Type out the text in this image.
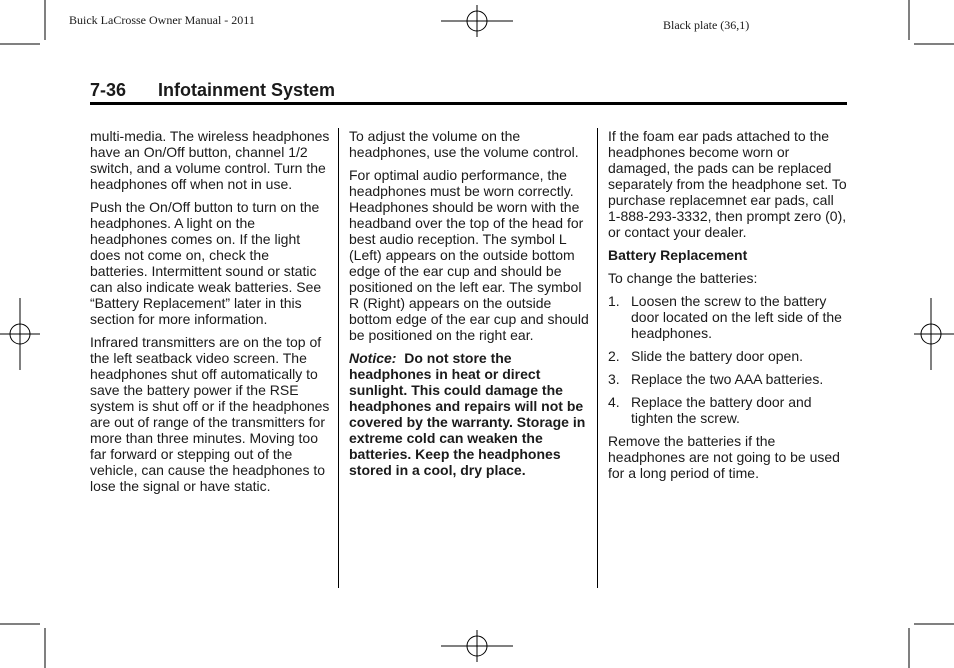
Buick LaCrosse Owner Manual - 2011	Black plate (36,1)
7-36 Infotainment System

multi-media. The wireless headphones have an On/Off button, channel 1/2 switch, and a volume control. Turn the headphones off when not in use.

Push the On/Off button to turn on the headphones. A light on the headphones comes on. If the light does not come on, check the batteries. Intermittent sound or static can also indicate weak batteries. See “Battery Replacement” later in this section for more information.

Infrared transmitters are on the top of the left seatback video screen. The headphones shut off automatically to save the battery power if the RSE system is shut off or if the headphones are out of range of the transmitters for more than three minutes. Moving too far forward or stepping out of the vehicle, can cause the headphones to lose the signal or have static.

To adjust the volume on the headphones, use the volume control.

For optimal audio performance, the headphones must be worn correctly. Headphones should be worn with the headband over the top of the head for best audio reception. The symbol L (Left) appears on the outside bottom edge of the ear cup and should be positioned on the left ear. The symbol R (Right) appears on the outside bottom edge of the ear cup and should be positioned on the right ear.

Notice: Do not store the headphones in heat or direct sunlight. This could damage the headphones and repairs will not be covered by the warranty. Storage in extreme cold can weaken the batteries. Keep the headphones stored in a cool, dry place.

If the foam ear pads attached to the headphones become worn or damaged, the pads can be replaced separately from the headphone set. To purchase replacemnet ear pads, call 1-888-293-3332, then prompt zero (0), or contact your dealer.

Battery Replacement

To change the batteries:

1. Loosen the screw to the battery door located on the left side of the headphones.
2. Slide the battery door open.
3. Replace the two AAA batteries.
4. Replace the battery door and tighten the screw.

Remove the batteries if the headphones are not going to be used for a long period of time.
